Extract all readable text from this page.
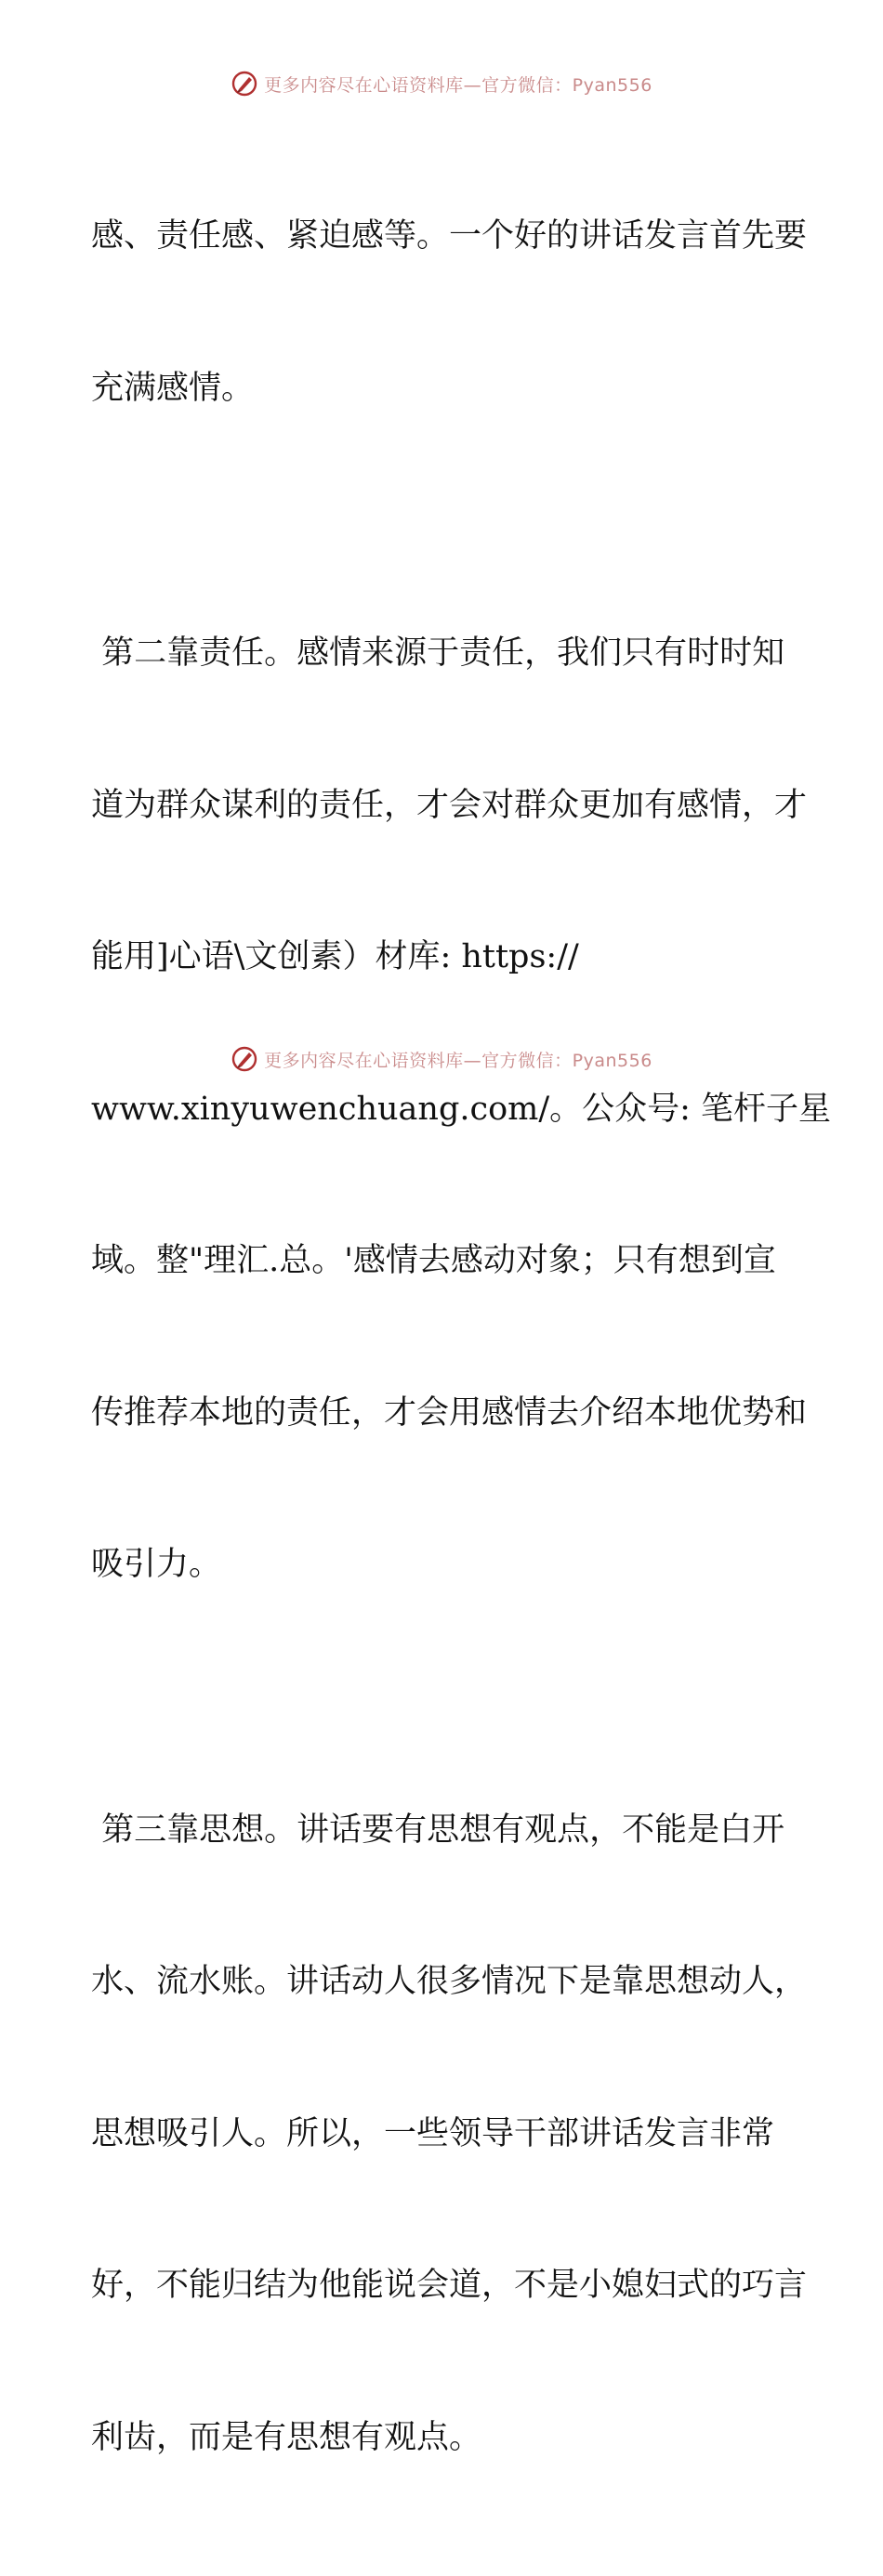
更多内容尽在心语资料库—官方微信：Pyan556

感、责任感、紧迫感等。一个好的讲话发言首先要

充满感情。

第二靠责任。感情来源于责任，我们只有时时知

道为群众谋利的责任，才会对群众更加有感情，才

能用]心语\文创素）材库: https://

www.xinyuwenchuang.com/。公众号: 笔杆子星

域。整"理汇.总。'感情去感动对象；只有想到宣

传推荐本地的责任，才会用感情去介绍本地优势和

吸引力。

第三靠思想。讲话要有思想有观点，不能是白开

水、流水账。讲话动人很多情况下是靠思想动人，

思想吸引人。所以，一些领导干部讲话发言非常

好，不能归结为他能说会道，不是小媳妇式的巧言

利齿，而是有思想有观点。

更多内容尽在心语资料库—官方微信：Pyan556
